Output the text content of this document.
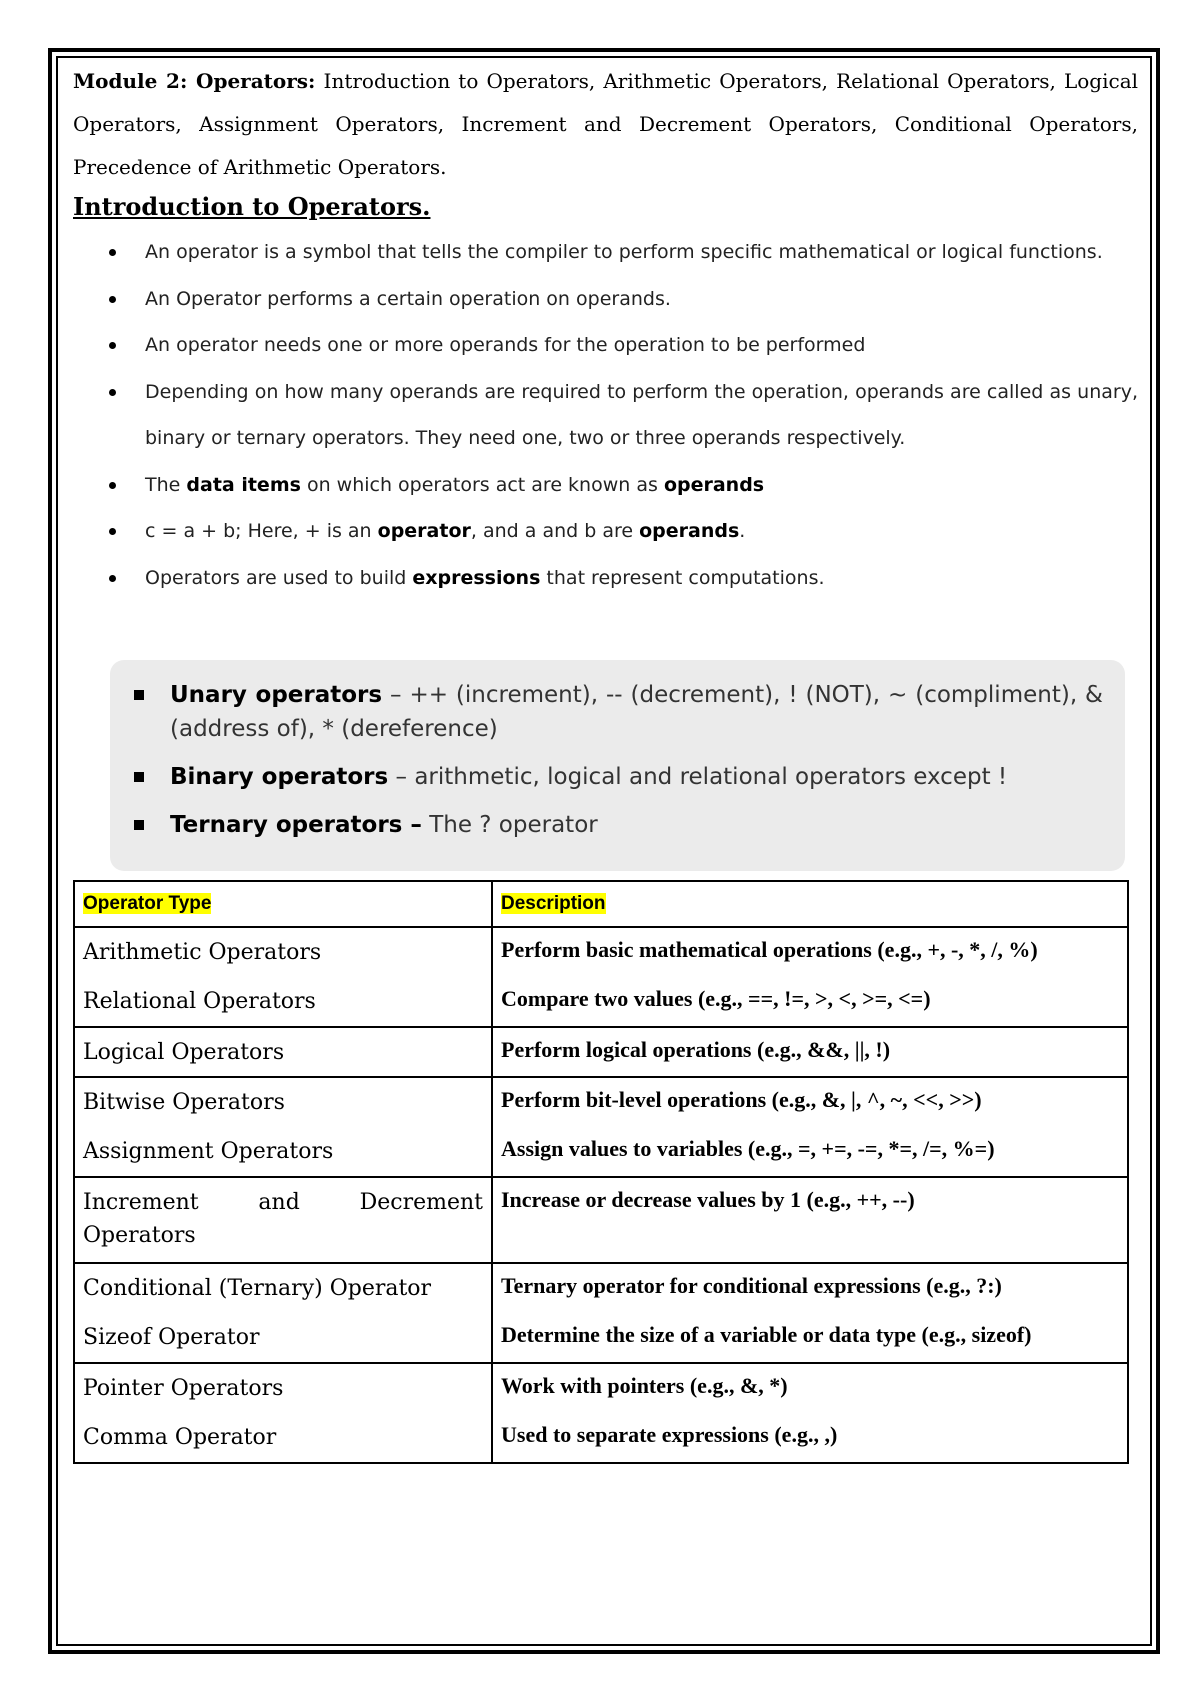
Module 2: Operators: Introduction to Operators, Arithmetic Operators, Relational Operators, Logical Operators, Assignment Operators, Increment and Decrement Operators, Conditional Operators, Precedence of Arithmetic Operators.

Introduction to Operators.
An operator is a symbol that tells the compiler to perform specific mathematical or logical functions.
An Operator performs a certain operation on operands.
An operator needs one or more operands for the operation to be performed
Depending on how many operands are required to perform the operation, operands are called as unary, binary or ternary operators. They need one, two or three operands respectively.
The data items on which operators act are known as operands
c = a + b; Here, + is an operator, and a and b are operands.
Operators are used to build expressions that represent computations.
Unary operators – ++ (increment), -- (decrement), ! (NOT), ~ (compliment), & (address of), * (dereference)
Binary operators – arithmetic, logical and relational operators except !
Ternary operators – The ? operator
Operator Type	Description
Arithmetic Operators	Perform basic mathematical operations (e.g., +, -, *, /, %)
Relational Operators	Compare two values (e.g., ==, !=, >, <, >=, <=)
Logical Operators	Perform logical operations (e.g., &&, ||, !)
Bitwise Operators	Perform bit-level operations (e.g., &, |, ^, ~, <<, >>)
Assignment Operators	Assign values to variables (e.g., =, +=, -=, *=, /=, %=)
Increment and Decrement Operators	Increase or decrease values by 1 (e.g., ++, --)
Conditional (Ternary) Operator	Ternary operator for conditional expressions (e.g., ?:)
Sizeof Operator	Determine the size of a variable or data type (e.g., sizeof)
Pointer Operators	Work with pointers (e.g., &, *)
Comma Operator	Used to separate expressions (e.g., ,)
